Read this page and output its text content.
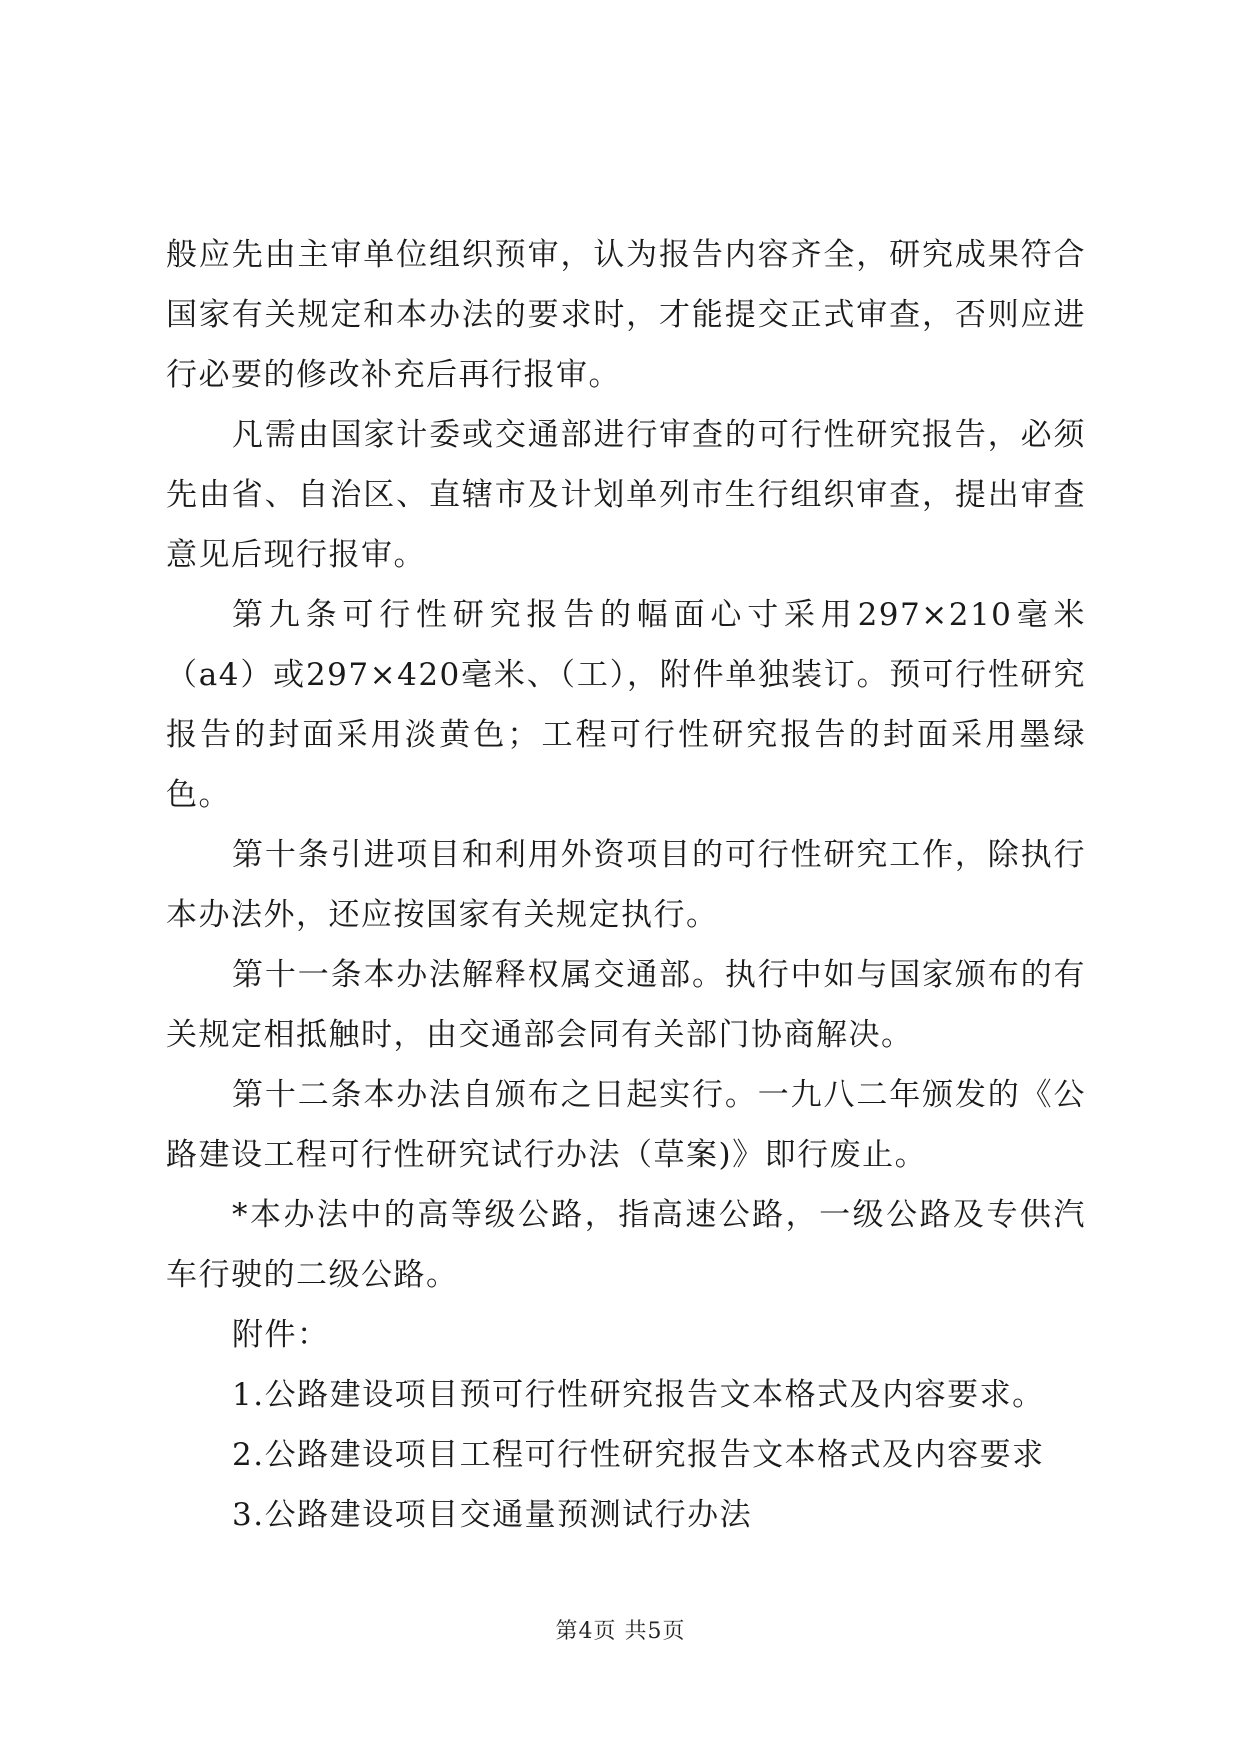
般应先由主审单位组织预审，认为报告内容齐全，研究成果符合国家有关规定和本办法的要求时，才能提交正式审查，否则应进行必要的修改补充后再行报审。

凡需由国家计委或交通部进行审查的可行性研究报告，必须先由省、自治区、直辖市及计划单列市生行组织审查，提出审查意见后现行报审。

第九条可行性研究报告的幅面心寸采用297×210毫米（a4）或297×420毫米、（工），附件单独装订。预可行性研究报告的封面采用淡黄色；工程可行性研究报告的封面采用墨绿色。

第十条引进项目和利用外资项目的可行性研究工作，除执行本办法外，还应按国家有关规定执行。

第十一条本办法解释权属交通部。执行中如与国家颁布的有关规定相抵触时，由交通部会同有关部门协商解决。

第十二条本办法自颁布之日起实行。一九八二年颁发的《公路建设工程可行性研究试行办法（草案)》即行废止。

*本办法中的高等级公路，指高速公路，一级公路及专供汽车行驶的二级公路。

附件：

1.公路建设项目预可行性研究报告文本格式及内容要求。

2.公路建设项目工程可行性研究报告文本格式及内容要求

3.公路建设项目交通量预测试行办法

第4页 共5页
